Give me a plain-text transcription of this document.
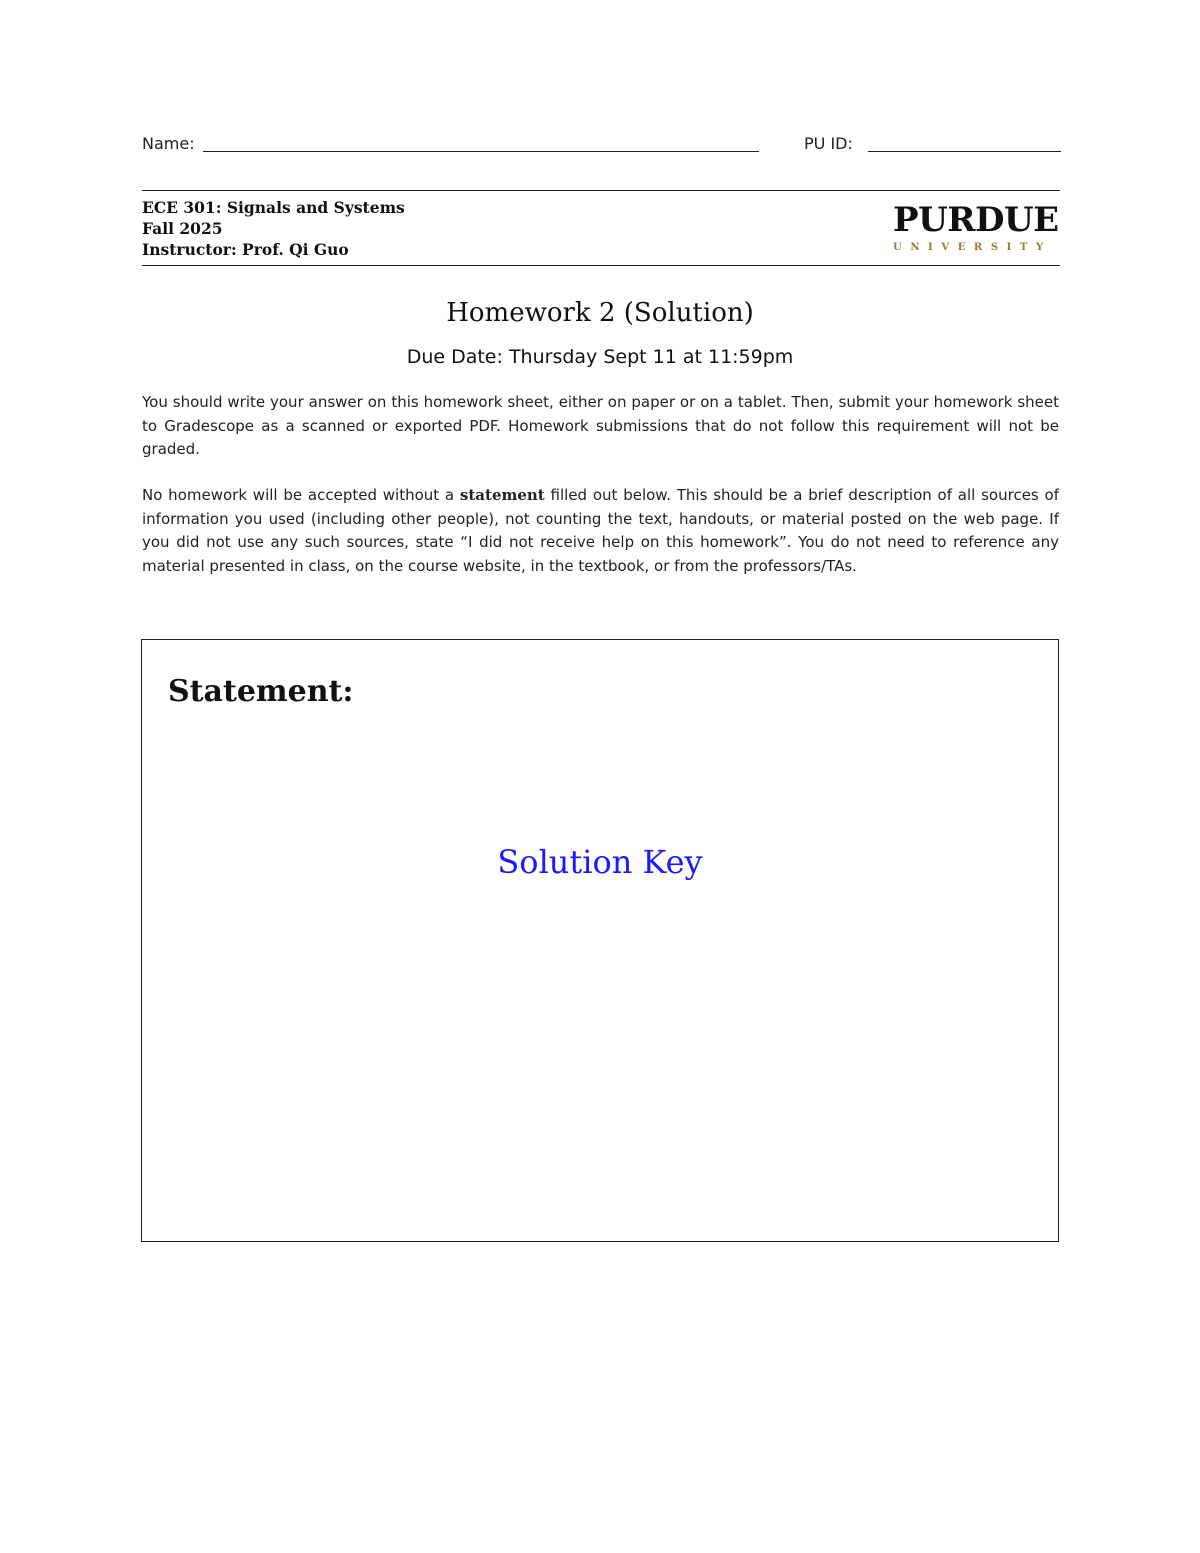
Name:	PU ID:
ECE 301: Signals and Systems
Fall 2025
Instructor: Prof. Qi Guo
PURDUE
UNIVERSITY
Homework 2 (Solution)
Due Date: Thursday Sept 11 at 11:59pm
You should write your answer on this homework sheet, either on paper or on a tablet. Then, submit your homework sheet to Gradescope as a scanned or exported PDF. Homework submissions that do not follow this requirement will not be graded.
No homework will be accepted without a statement filled out below. This should be a brief description of all sources of information you used (including other people), not counting the text, handouts, or material posted on the web page. If you did not use any such sources, state “I did not receive help on this homework”. You do not need to reference any material presented in class, on the course website, in the textbook, or from the professors/TAs.
Statement:
Solution Key
